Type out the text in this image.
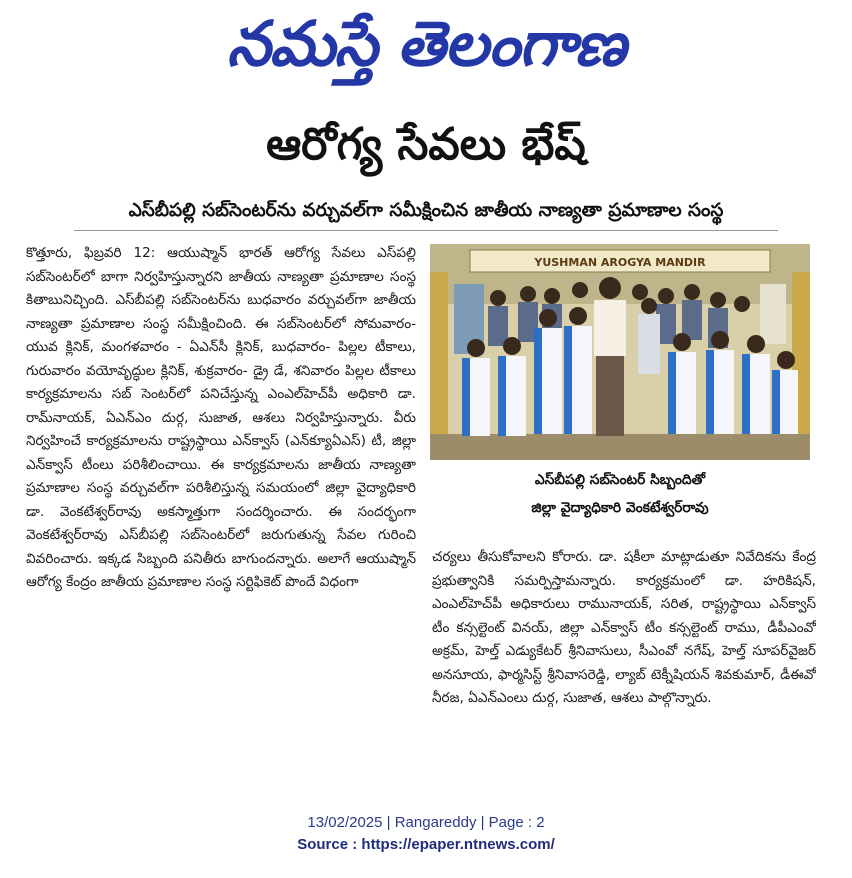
నమస్తే తెలంగాణ
ఆరోగ్య సేవలు భేష్
ఎస్‌బీపల్లి సబ్‌సెంటర్‌ను వర్చువల్‌గా సమీక్షించిన జాతీయ నాణ్యతా ప్రమాణాల సంస్థ

కొత్తూరు, ఫిబ్రవరి 12: ఆయుష్మాన్ భారత్ ఆరోగ్య సేవలు ఎస్‌పల్లి సబ్‌సెంటర్‌లో బాగా నిర్వహిస్తున్నారని జాతీయ నాణ్యతా ప్రమాణాల సంస్థ కితాబునిచ్చింది. ఎస్‌బీపల్లి సబ్‌సెంటర్‌ను బుధవారం వర్చువల్‌గా జాతీయ నాణ్యతా ప్రమాణాల సంస్థ సమీక్షించింది. ఈ సబ్‌సెంటర్‌లో సోమవారం- యువ క్లినిక్, మంగళవారం - ఏఎన్‌సీ క్లినిక్, బుధవారం- పిల్లల టీకాలు, గురువారం వయోవృద్ధుల క్లినిక్, శుక్రవారం- డ్రై డే, శనివారం పిల్లల టీకాలు కార్యక్రమాలను సబ్ సెంటర్‌లో పనిచేస్తున్న ఎంఎల్‌హెచ్‌పీ అధికారి డా. రామ్‌నాయక్, ఏఎన్‌ఎం దుర్గ, సుజాత, ఆశలు నిర్వహిస్తున్నారు. వీరు నిర్వహించే కార్యక్రమాలను రాష్ట్రస్థాయి ఎన్‌క్వాస్ (ఎన్‌క్యూఏఎస్) టీ, జిల్లా ఎన్‌క్వాస్ టీంలు పరిశీలించాయి. ఈ కార్యక్రమాలను జాతీయ నాణ్యతా ప్రమాణాల సంస్థ వర్చువల్‌గా పరిశీలిస్తున్న సమయంలో జిల్లా వైద్యాధికారి డా. వెంకటేశ్వర్‌రావు అకస్మాత్తుగా సందర్శించారు. ఈ సందర్భంగా వెంకటేశ్వర్‌రావు ఎస్‌బీపల్లి సబ్‌సెంటర్‌లో జరుగుతున్న సేవల గురించి వివరించారు. ఇక్కడ సిబ్బంది పనితీరు బాగుందన్నారు. అలాగే ఆయుష్మాన్ ఆరోగ్య కేంద్రం జాతీయ ప్రమాణాల సంస్థ సర్టిఫికెట్ పొందే విధంగా

YUSHMAN AROGYA MANDIR
ఎస్‌బీపల్లి సబ్‌సెంటర్ సిబ్బందితో
జిల్లా వైద్యాధికారి వెంకటేశ్వర్‌రావు

చర్యలు తీసుకోవాలని కోరారు. డా. షకీలా మాట్లాడుతూ నివేదికను కేంద్ర ప్రభుత్వానికి సమర్పిస్తామన్నారు. కార్యక్రమంలో డా. హరికిషన్, ఎంఎల్‌హెచ్‌పీ అధికారులు రామునాయక్, సరిత, రాష్ట్రస్థాయి ఎన్‌క్వాస్ టీం కన్సల్టెంట్ వినయ్, జిల్లా ఎన్‌క్వాస్ టీం కన్సల్టెంట్ రాము, డీపీఎంవో అక్రమ్, హెల్త్ ఎడ్యుకేటర్ శ్రీనివాసులు, సీఎంవో నగేష్, హెల్త్ సూపర్‌వైజర్ అనసూయ, ఫార్మసిస్ట్ శ్రీనివాసరెడ్డి, ల్యాబ్ టెక్నీషియన్ శివకుమార్, డీఈవో నీరజ, ఏఎన్‌ఎంలు దుర్గ, సుజాత, ఆశలు పాల్గొన్నారు.

13/02/2025 | Rangareddy | Page : 2
Source : https://epaper.ntnews.com/
